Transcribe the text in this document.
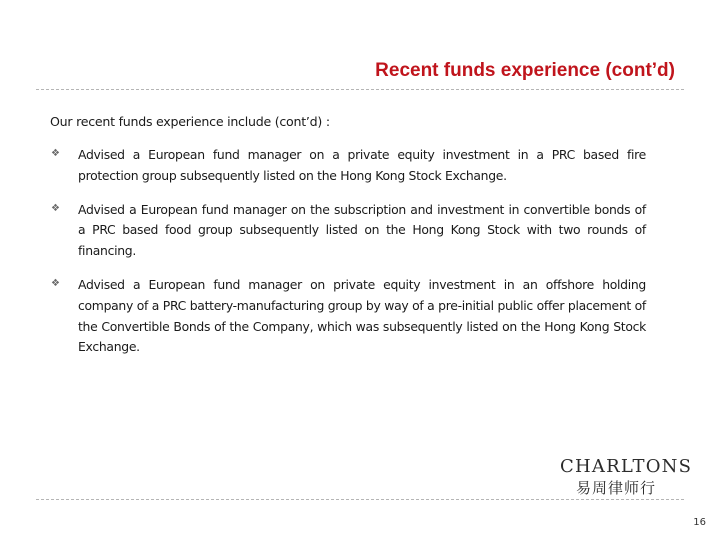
Recent funds experience (cont’d)
Our recent funds experience include (cont’d) :
❖ Advised a European fund manager on a private equity investment in a PRC based fire protection group subsequently listed on the Hong Kong Stock Exchange.
❖ Advised a European fund manager on the subscription and investment in convertible bonds of a PRC based food group subsequently listed on the Hong Kong Stock with two rounds of financing.
❖ Advised a European fund manager on private equity investment in an offshore holding company of a PRC battery-manufacturing group by way of a pre-initial public offer placement of the Convertible Bonds of the Company, which was subsequently listed on the Hong Kong Stock Exchange.
CHARLTONS
易周律师行
16
